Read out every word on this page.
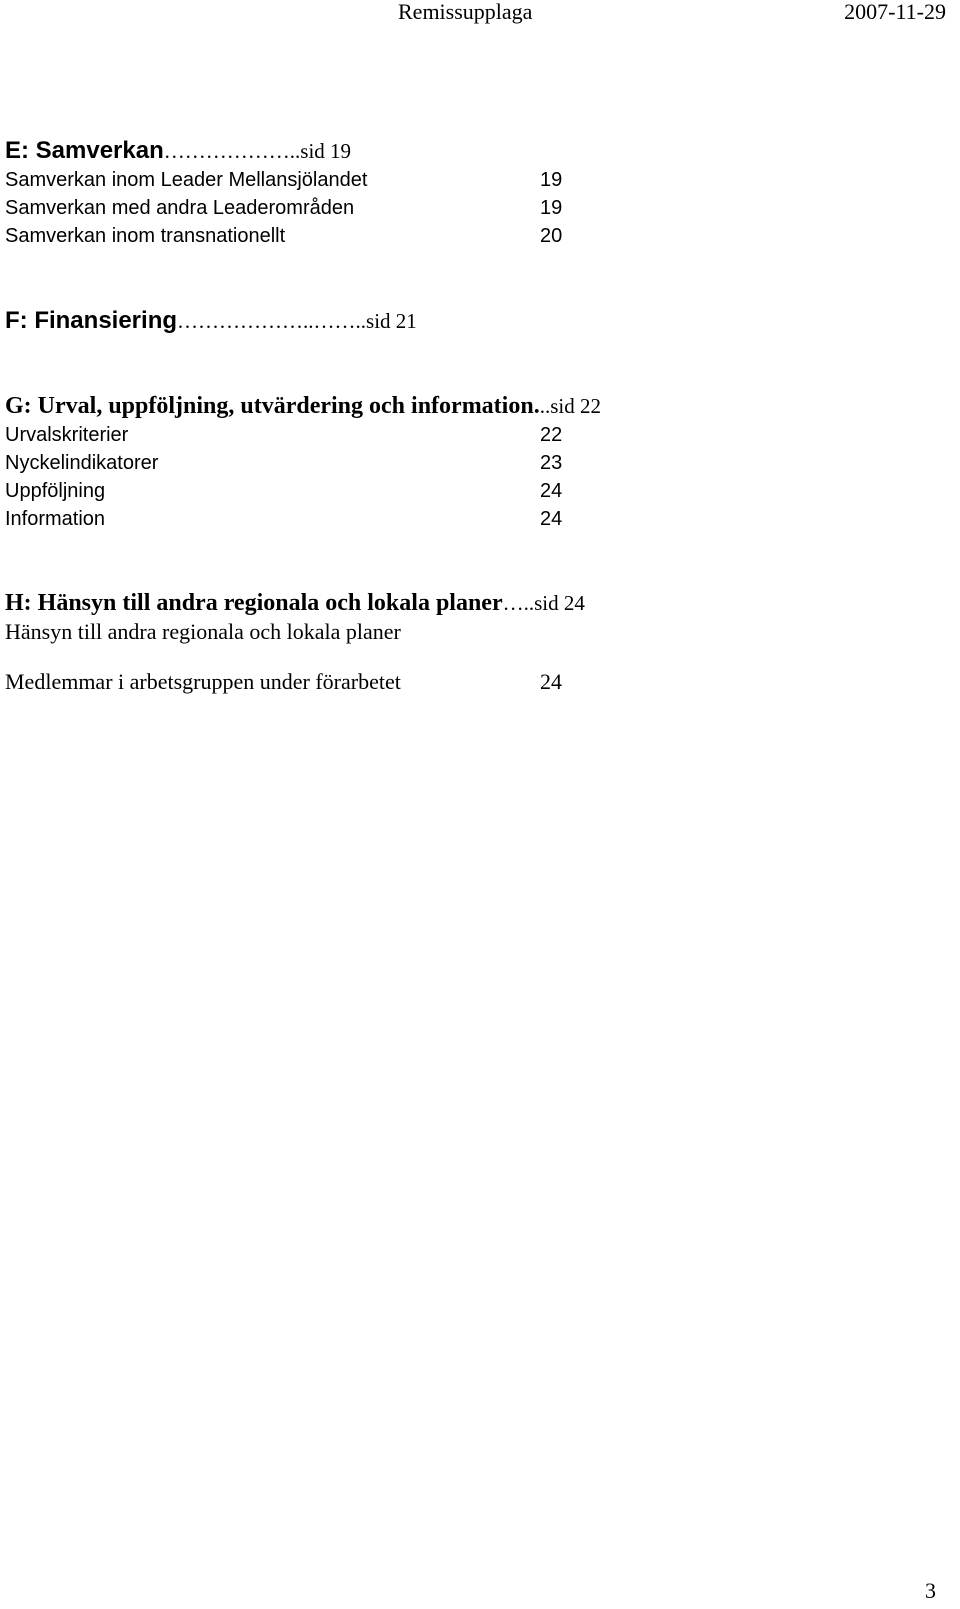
Remissupplaga	2007-11-29
E: Samverkan………………..sid 19
Samverkan inom Leader Mellansjölandet	19
Samverkan med andra Leaderområden	19
Samverkan inom transnationellt	20
F: Finansiering………………..……..sid 21
G: Urval, uppföljning, utvärdering och information...sid 22
Urvalskriterier	22
Nyckelindikatorer	23
Uppföljning	24
Information	24
H: Hänsyn till andra regionala och lokala planer…..sid 24
Hänsyn till andra regionala och lokala planer
Medlemmar i arbetsgruppen under förarbetet	24
3
